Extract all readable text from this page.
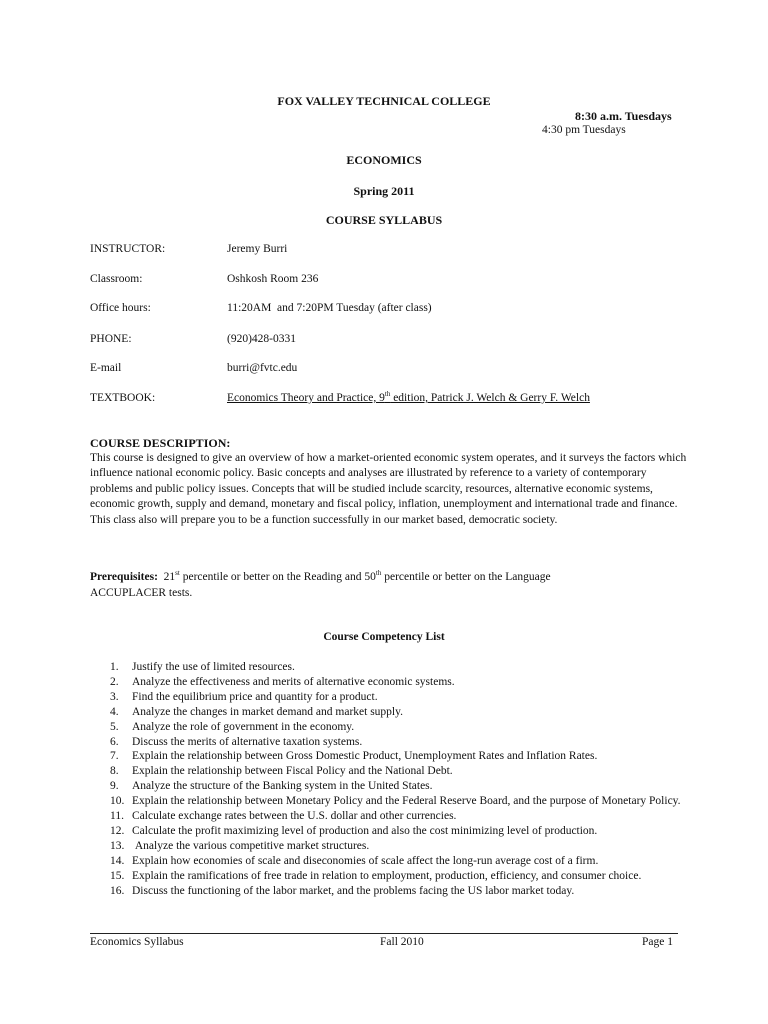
FOX VALLEY TECHNICAL COLLEGE
8:30 a.m. Tuesdays
4:30 pm Tuesdays
ECONOMICS
Spring 2011
COURSE SYLLABUS
INSTRUCTOR:	Jeremy Burri
Classroom:	Oshkosh Room 236
Office hours:	11:20AM  and 7:20PM Tuesday (after class)
PHONE:	(920)428-0331
E-mail	burri@fvtc.edu
TEXTBOOK:	Economics Theory and Practice, 9th edition, Patrick J. Welch & Gerry F. Welch
COURSE DESCRIPTION:
This course is designed to give an overview of how a market-oriented economic system operates, and it surveys the factors which influence national economic policy. Basic concepts and analyses are illustrated by reference to a variety of contemporary problems and public policy issues. Concepts that will be studied include scarcity, resources, alternative economic systems, economic growth, supply and demand, monetary and fiscal policy, inflation, unemployment and international trade and finance. This class also will prepare you to be a function successfully in our market based, democratic society.
Prerequisites:  21st percentile or better on the Reading and 50th percentile or better on the Language
ACCUPLACER tests.
Course Competency List
1. Justify the use of limited resources.
2. Analyze the effectiveness and merits of alternative economic systems.
3. Find the equilibrium price and quantity for a product.
4. Analyze the changes in market demand and market supply.
5. Analyze the role of government in the economy.
6. Discuss the merits of alternative taxation systems.
7. Explain the relationship between Gross Domestic Product, Unemployment Rates and Inflation Rates.
8. Explain the relationship between Fiscal Policy and the National Debt.
9. Analyze the structure of the Banking system in the United States.
10. Explain the relationship between Monetary Policy and the Federal Reserve Board, and the purpose of Monetary Policy.
11. Calculate exchange rates between the U.S. dollar and other currencies.
12. Calculate the profit maximizing level of production and also the cost minimizing level of production.
13. Analyze the various competitive market structures.
14. Explain how economies of scale and diseconomies of scale affect the long-run average cost of a firm.
15. Explain the ramifications of free trade in relation to employment, production, efficiency, and consumer choice.
16. Discuss the functioning of the labor market, and the problems facing the US labor market today.
Economics Syllabus	Fall 2010	Page 1
